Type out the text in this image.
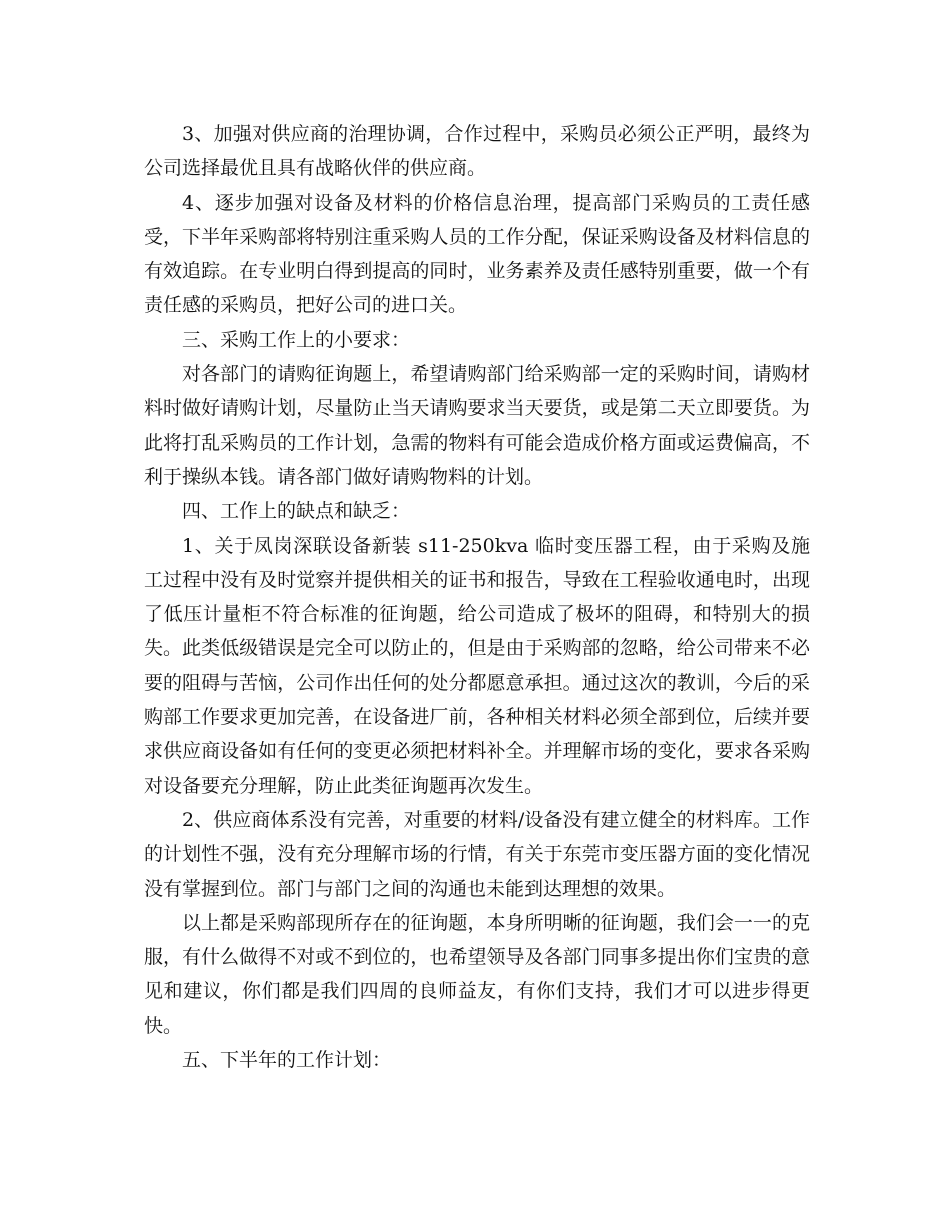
3、加强对供应商的治理协调，合作过程中，采购员必须公正严明，最终为公司选择最优且具有战略伙伴的供应商。

4、逐步加强对设备及材料的价格信息治理，提高部门采购员的工责任感受，下半年采购部将特别注重采购人员的工作分配，保证采购设备及材料信息的有效追踪。在专业明白得到提高的同时，业务素养及责任感特别重要，做一个有责任感的采购员，把好公司的进口关。

三、采购工作上的小要求：

对各部门的请购征询题上，希望请购部门给采购部一定的采购时间，请购材料时做好请购计划，尽量防止当天请购要求当天要货，或是第二天立即要货。为此将打乱采购员的工作计划，急需的物料有可能会造成价格方面或运费偏高，不利于操纵本钱。请各部门做好请购物料的计划。

四、工作上的缺点和缺乏：

1、关于凤岗深联设备新装 s11-250kva 临时变压器工程，由于采购及施工过程中没有及时觉察并提供相关的证书和报告，导致在工程验收通电时，出现了低压计量柜不符合标准的征询题，给公司造成了极坏的阻碍，和特别大的损失。此类低级错误是完全可以防止的，但是由于采购部的忽略，给公司带来不必要的阻碍与苦恼，公司作出任何的处分都愿意承担。通过这次的教训，今后的采购部工作要求更加完善，在设备进厂前，各种相关材料必须全部到位，后续并要求供应商设备如有任何的变更必须把材料补全。并理解市场的变化，要求各采购对设备要充分理解，防止此类征询题再次发生。

2、供应商体系没有完善，对重要的材料/设备没有建立健全的材料库。工作的计划性不强，没有充分理解市场的行情，有关于东莞市变压器方面的变化情况没有掌握到位。部门与部门之间的沟通也未能到达理想的效果。

以上都是采购部现所存在的征询题，本身所明晰的征询题，我们会一一的克服，有什么做得不对或不到位的，也希望领导及各部门同事多提出你们宝贵的意见和建议，你们都是我们四周的良师益友，有你们支持，我们才可以进步得更快。

五、下半年的工作计划：
